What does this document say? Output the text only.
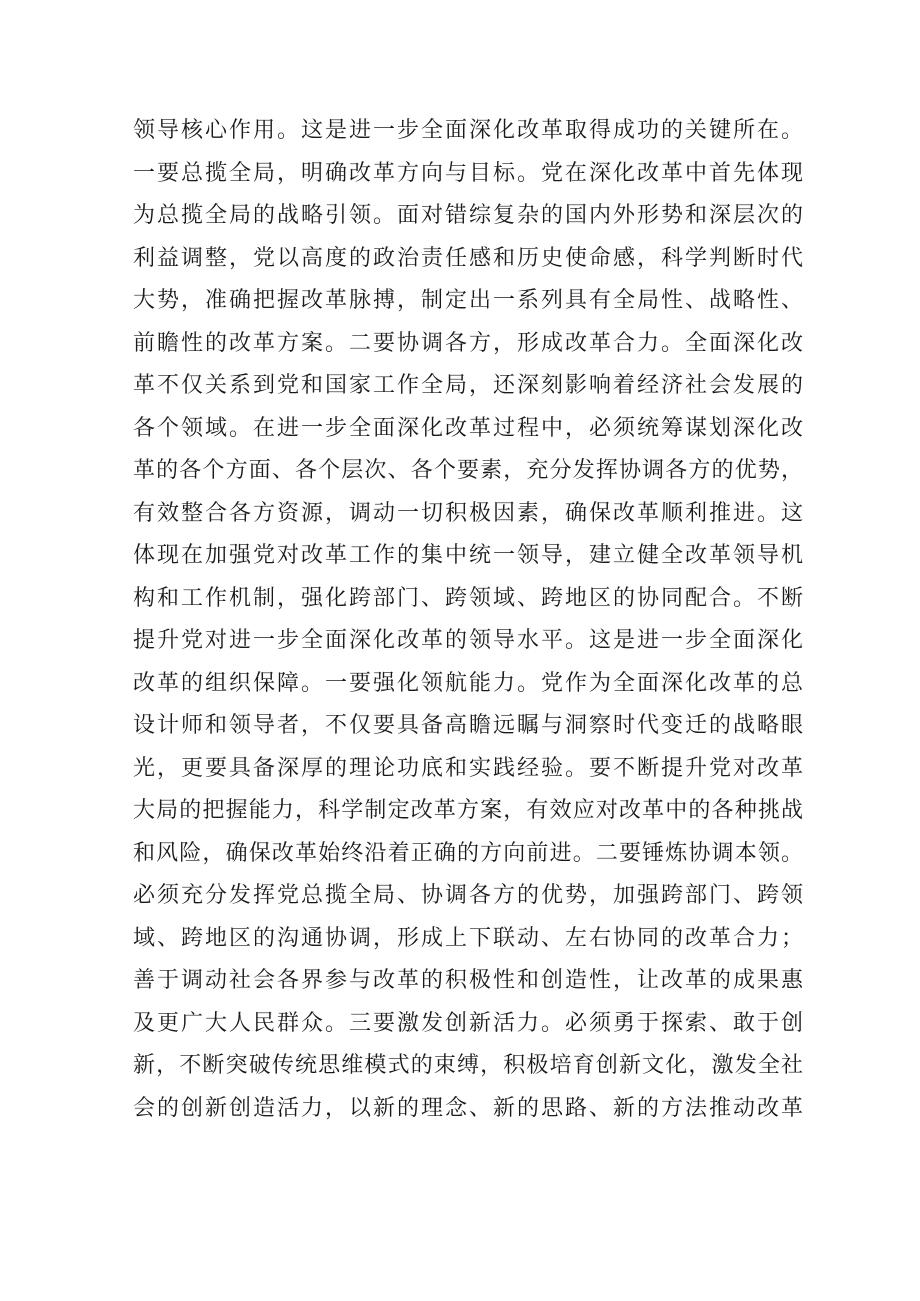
领导核心作用。这是进一步全面深化改革取得成功的关键所在。
一要总揽全局，明确改革方向与目标。党在深化改革中首先体现
为总揽全局的战略引领。面对错综复杂的国内外形势和深层次的
利益调整，党以高度的政治责任感和历史使命感，科学判断时代
大势，准确把握改革脉搏，制定出一系列具有全局性、战略性、
前瞻性的改革方案。二要协调各方，形成改革合力。全面深化改
革不仅关系到党和国家工作全局，还深刻影响着经济社会发展的
各个领域。在进一步全面深化改革过程中，必须统筹谋划深化改
革的各个方面、各个层次、各个要素，充分发挥协调各方的优势，
有效整合各方资源，调动一切积极因素，确保改革顺利推进。这
体现在加强党对改革工作的集中统一领导，建立健全改革领导机
构和工作机制，强化跨部门、跨领域、跨地区的协同配合。不断
提升党对进一步全面深化改革的领导水平。这是进一步全面深化
改革的组织保障。一要强化领航能力。党作为全面深化改革的总
设计师和领导者，不仅要具备高瞻远瞩与洞察时代变迁的战略眼
光，更要具备深厚的理论功底和实践经验。要不断提升党对改革
大局的把握能力，科学制定改革方案，有效应对改革中的各种挑战
和风险，确保改革始终沿着正确的方向前进。二要锤炼协调本领。
必须充分发挥党总揽全局、协调各方的优势，加强跨部门、跨领
域、跨地区的沟通协调，形成上下联动、左右协同的改革合力；
善于调动社会各界参与改革的积极性和创造性，让改革的成果惠
及更广大人民群众。三要激发创新活力。必须勇于探索、敢于创
新，不断突破传统思维模式的束缚，积极培育创新文化，激发全社
会的创新创造活力，以新的理念、新的思路、新的方法推动改革
